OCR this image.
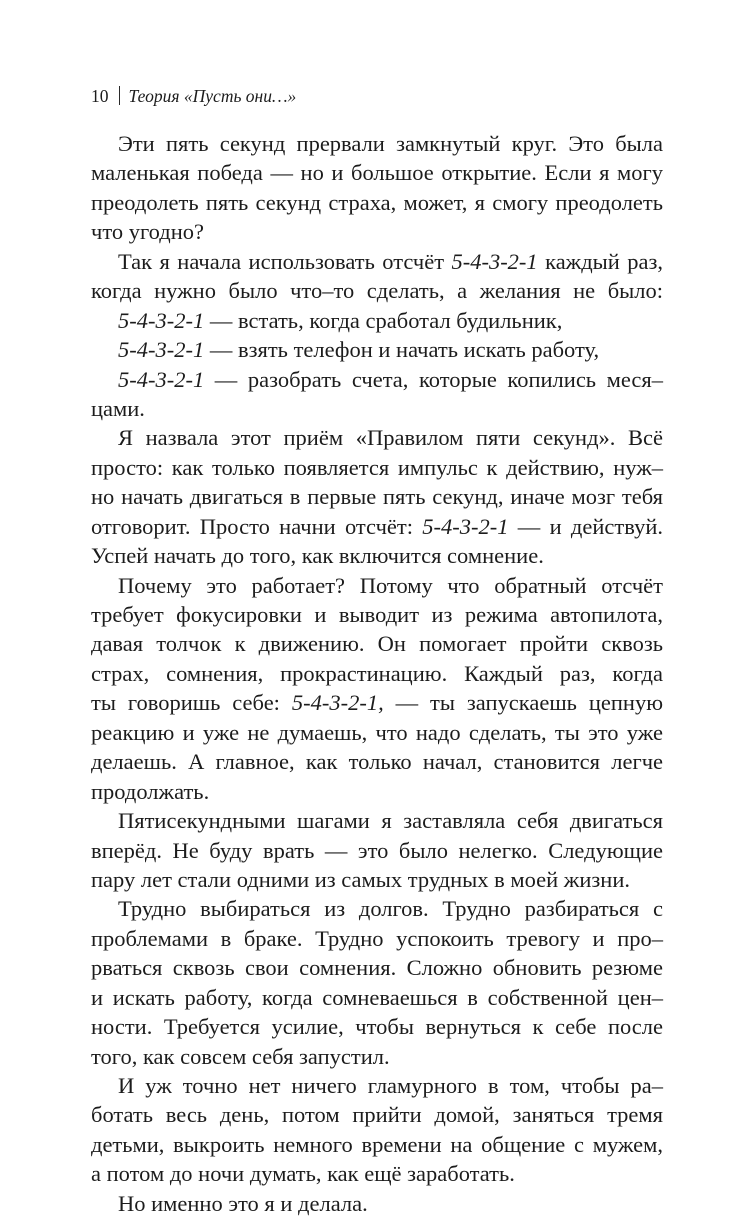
10 Теория «Пусть они…»
Эти пять секунд прервали замкнутый круг. Это была
маленькая победа — но и большое открытие. Если я могу
преодолеть пять секунд страха, может, я смогу преодолеть
что угодно?
Так я начала использовать отсчёт 5-4-3-2-1 каждый раз,
когда нужно было что–то сделать, а желания не было:
5-4-3-2-1 — встать, когда сработал будильник,
5-4-3-2-1 — взять телефон и начать искать работу,
5-4-3-2-1 — разобрать счета, которые копились меся–
цами.
Я назвала этот приём «Правилом пяти секунд». Всё
просто: как только появляется импульс к действию, нуж–
но начать двигаться в первые пять секунд, иначе мозг тебя
отговорит. Просто начни отсчёт: 5-4-3-2-1 — и действуй.
Успей начать до того, как включится сомнение.
Почему это работает? Потому что обратный отсчёт
требует фокусировки и выводит из режима автопилота,
давая толчок к движению. Он помогает пройти сквозь
страх, сомнения, прокрастинацию. Каждый раз, когда
ты говоришь себе: 5-4-3-2-1, — ты запускаешь цепную
реакцию и уже не думаешь, что надо сделать, ты это уже
делаешь. А главное, как только начал, становится легче
продолжать.
Пятисекундными шагами я заставляла себя двигаться
вперёд. Не буду врать — это было нелегко. Следующие
пару лет стали одними из самых трудных в моей жизни.
Трудно выбираться из долгов. Трудно разбираться с
проблемами в браке. Трудно успокоить тревогу и про–
рваться сквозь свои сомнения. Сложно обновить резюме
и искать работу, когда сомневаешься в собственной цен–
ности. Требуется усилие, чтобы вернуться к себе после
того, как совсем себя запустил.
И уж точно нет ничего гламурного в том, чтобы ра–
ботать весь день, потом прийти домой, заняться тремя
детьми, выкроить немного времени на общение с мужем,
а потом до ночи думать, как ещё заработать.
Но именно это я и делала.
